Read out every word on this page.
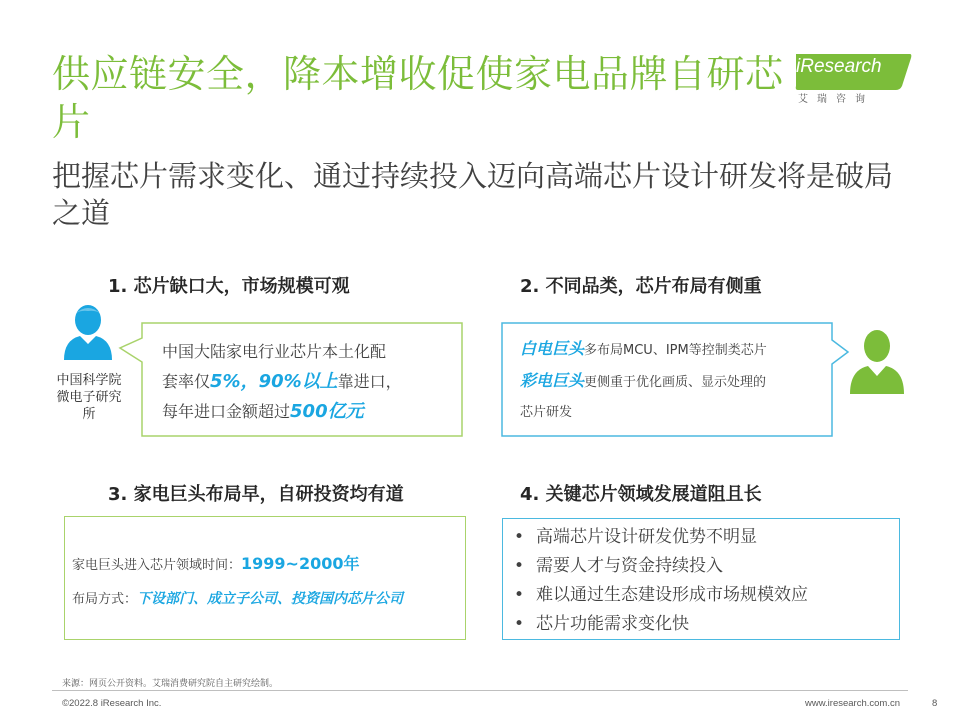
供应链安全，降本增收促使家电品牌自研芯片
iResearch
艾瑞咨询
把握芯片需求变化、通过持续投入迈向高端芯片设计研发将是破局之道
1. 芯片缺口大，市场规模可观
中国科学院微电子研究所
中国大陆家电行业芯片本土化配
套率仅5%，90%以上靠进口，
每年进口金额超过500亿元
2. 不同品类，芯片布局有侧重
白电巨头多布局MCU、IPM等控制类芯片
彩电巨头更侧重于优化画质、显示处理的
芯片研发
3. 家电巨头布局早，自研投资均有道
家电巨头进入芯片领域时间：1999~2000年
布局方式：下设部门、成立子公司、投资国内芯片公司
4. 关键芯片领域发展道阻且长
• 高端芯片设计研发优势不明显
• 需要人才与资金持续投入
• 难以通过生态建设形成市场规模效应
• 芯片功能需求变化快
来源：网页公开资料。艾瑞消费研究院自主研究绘制。
©2022.8 iResearch Inc.	www.iresearch.com.cn	8
